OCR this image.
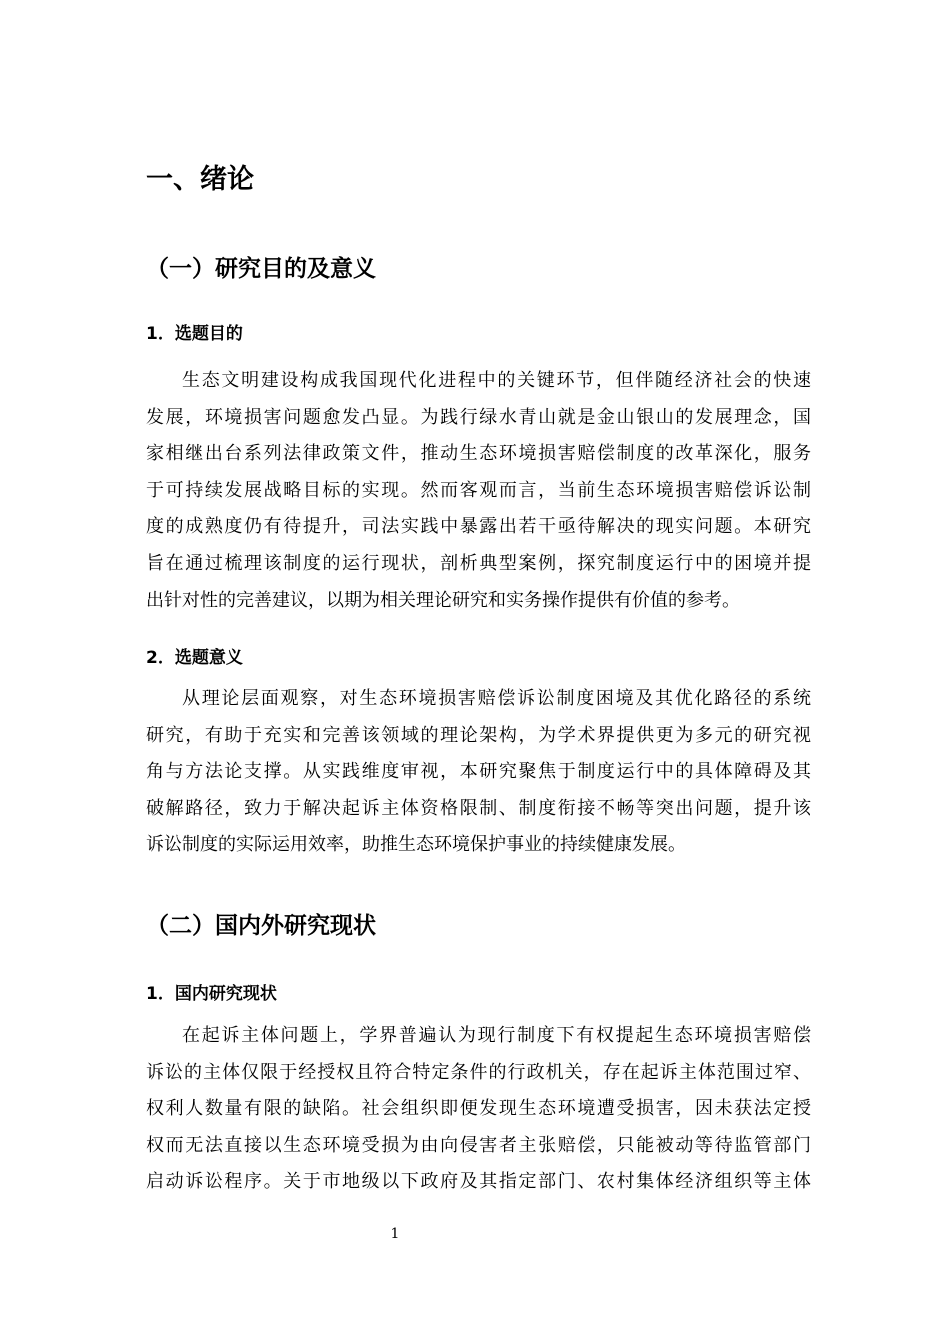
一、绪论
（一）研究目的及意义
1．选题目的

生态文明建设构成我国现代化进程中的关键环节，但伴随经济社会的快速
发展，环境损害问题愈发凸显。为践行绿水青山就是金山银山的发展理念，国
家相继出台系列法律政策文件，推动生态环境损害赔偿制度的改革深化，服务
于可持续发展战略目标的实现。然而客观而言，当前生态环境损害赔偿诉讼制
度的成熟度仍有待提升，司法实践中暴露出若干亟待解决的现实问题。本研究
旨在通过梳理该制度的运行现状，剖析典型案例，探究制度运行中的困境并提
出针对性的完善建议，以期为相关理论研究和实务操作提供有价值的参考。

2．选题意义

从理论层面观察，对生态环境损害赔偿诉讼制度困境及其优化路径的系统
研究，有助于充实和完善该领域的理论架构，为学术界提供更为多元的研究视
角与方法论支撑。从实践维度审视，本研究聚焦于制度运行中的具体障碍及其
破解路径，致力于解决起诉主体资格限制、制度衔接不畅等突出问题，提升该
诉讼制度的实际运用效率，助推生态环境保护事业的持续健康发展。

（二）国内外研究现状
1．国内研究现状

在起诉主体问题上，学界普遍认为现行制度下有权提起生态环境损害赔偿
诉讼的主体仅限于经授权且符合特定条件的行政机关，存在起诉主体范围过窄、
权利人数量有限的缺陷。社会组织即便发现生态环境遭受损害，因未获法定授
权而无法直接以生态环境受损为由向侵害者主张赔偿，只能被动等待监管部门
启动诉讼程序。关于市地级以下政府及其指定部门、农村集体经济组织等主体

1
